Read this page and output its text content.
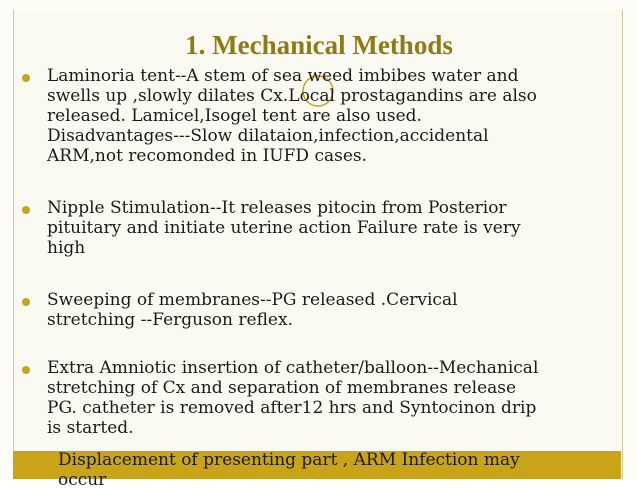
1. Mechanical Methods
Laminoria tent--A stem of sea weed imbibes water and
swells up ,slowly dilates Cx.Local prostagandins are also
released. Lamicel,Isogel tent are also used.
Disadvantages---Slow dilataion,infection,accidental
ARM,not recomonded in IUFD cases.
Nipple Stimulation--It releases pitocin from Posterior
pituitary and initiate uterine action Failure rate is very
high
Sweeping of membranes--PG released .Cervical
stretching --Ferguson reflex.
Extra Amniotic insertion of catheter/balloon--Mechanical
stretching of Cx and separation of membranes release
PG. catheter is removed after12 hrs and Syntocinon drip
is started.
Displacement of presenting part , ARM Infection may
occur
